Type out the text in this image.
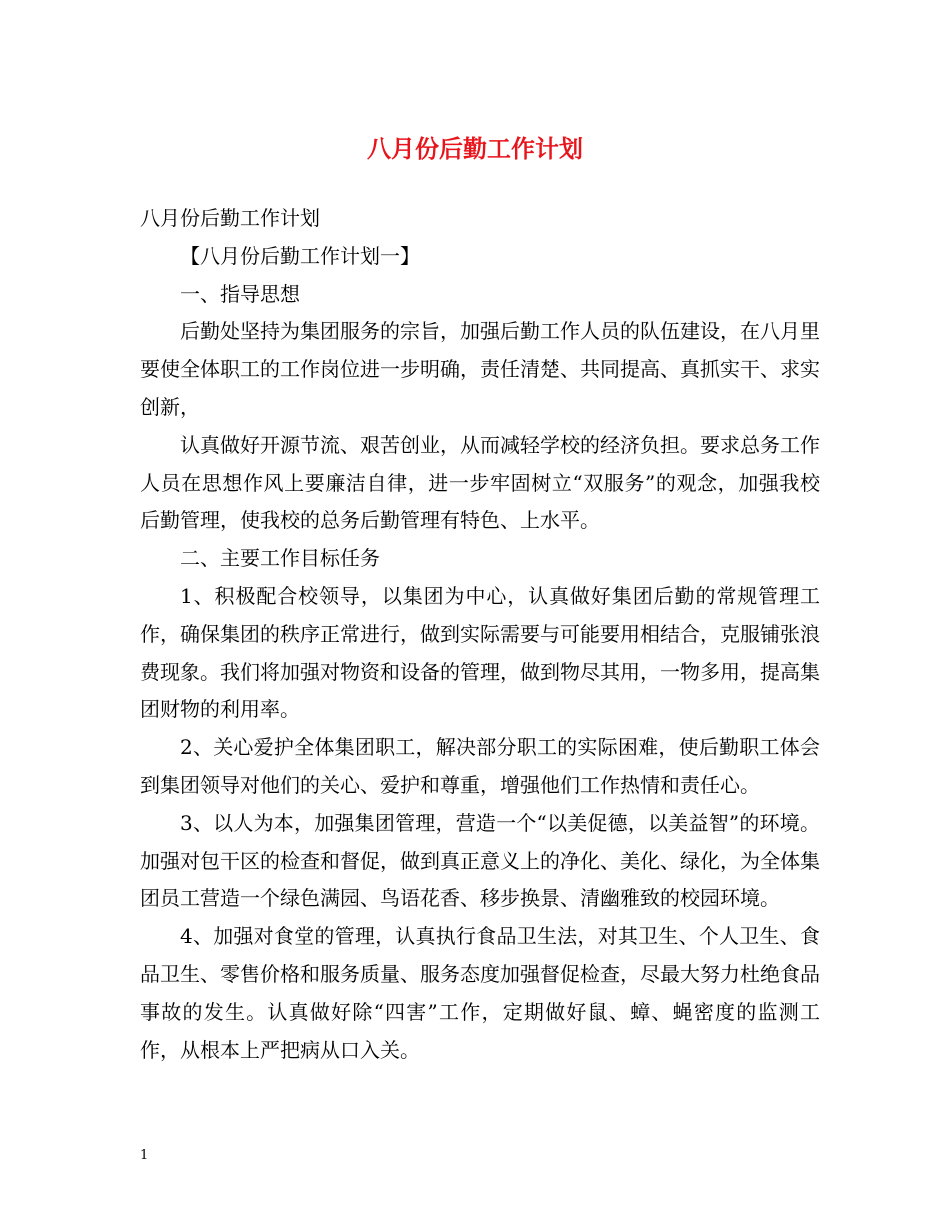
八月份后勤工作计划

八月份后勤工作计划

【八月份后勤工作计划一】

一、指导思想

后勤处坚持为集团服务的宗旨，加强后勤工作人员的队伍建设，在八月里要使全体职工的工作岗位进一步明确，责任清楚、共同提高、真抓实干、求实创新，

认真做好开源节流、艰苦创业，从而减轻学校的经济负担。要求总务工作人员在思想作风上要廉洁自律，进一步牢固树立“双服务”的观念，加强我校后勤管理，使我校的总务后勤管理有特色、上水平。

二、主要工作目标任务

1、积极配合校领导，以集团为中心，认真做好集团后勤的常规管理工作，确保集团的秩序正常进行，做到实际需要与可能要用相结合，克服铺张浪费现象。我们将加强对物资和设备的管理，做到物尽其用，一物多用，提高集团财物的利用率。

2、关心爱护全体集团职工，解决部分职工的实际困难，使后勤职工体会到集团领导对他们的关心、爱护和尊重，增强他们工作热情和责任心。

3、以人为本，加强集团管理，营造一个“以美促德，以美益智”的环境。加强对包干区的检查和督促，做到真正意义上的净化、美化、绿化，为全体集团员工营造一个绿色满园、鸟语花香、移步换景、清幽雅致的校园环境。

4、加强对食堂的管理，认真执行食品卫生法，对其卫生、个人卫生、食品卫生、零售价格和服务质量、服务态度加强督促检查，尽最大努力杜绝食品事故的发生。认真做好除“四害”工作，定期做好鼠、蟑、蝇密度的监测工作，从根本上严把病从口入关。

1
